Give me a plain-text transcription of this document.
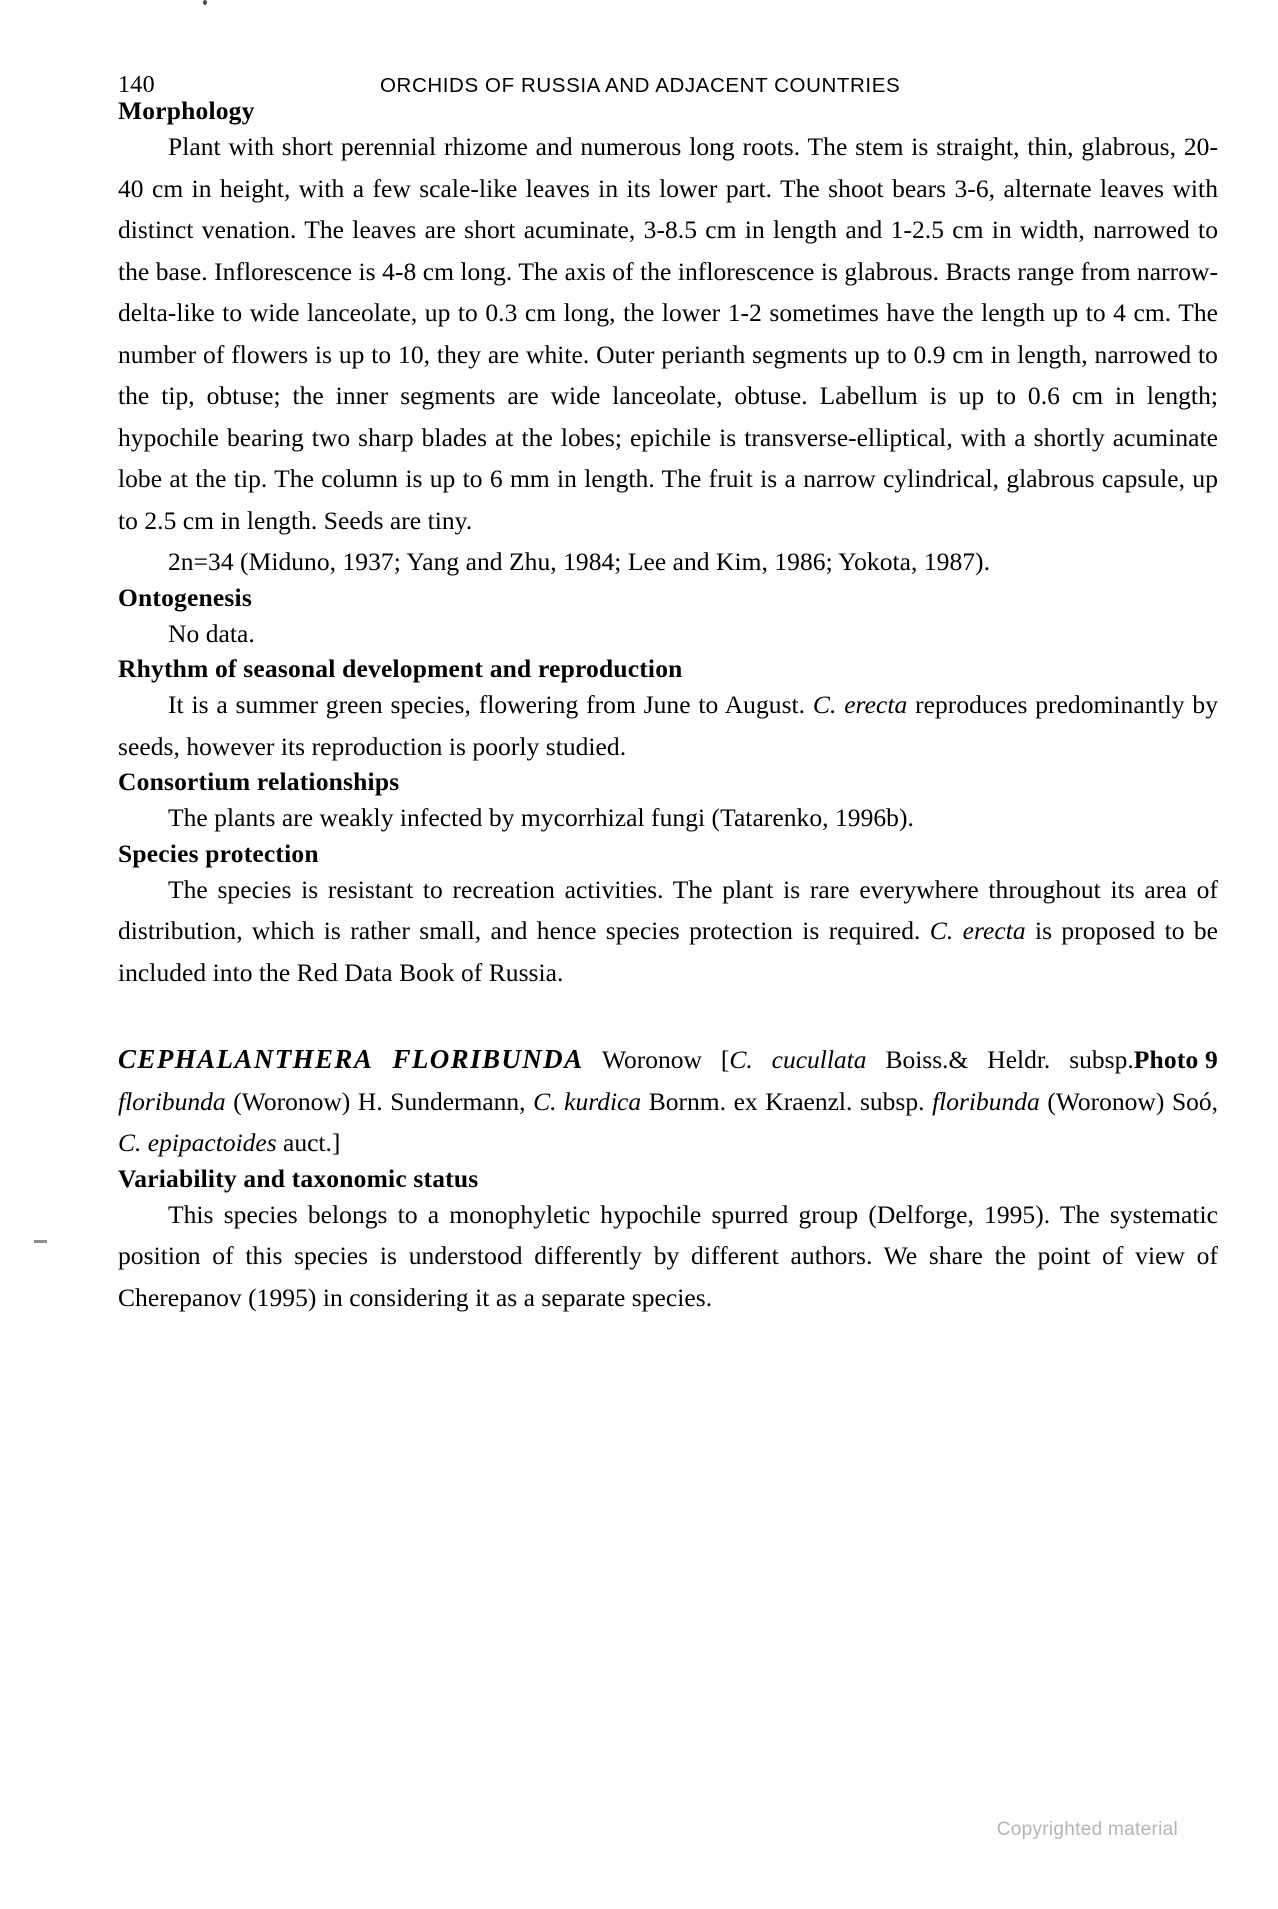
140	ORCHIDS OF RUSSIA AND ADJACENT COUNTRIES
Morphology

Plant with short perennial rhizome and numerous long roots. The stem is straight, thin, glabrous, 20-40 cm in height, with a few scale-like leaves in its lower part. The shoot bears 3-6, alternate leaves with distinct venation. The leaves are short acuminate, 3-8.5 cm in length and 1-2.5 cm in width, narrowed to the base. Inflorescence is 4-8 cm long. The axis of the inflorescence is glabrous. Bracts range from narrow-delta-like to wide lanceolate, up to 0.3 cm long, the lower 1-2 sometimes have the length up to 4 cm. The number of flowers is up to 10, they are white. Outer perianth segments up to 0.9 cm in length, narrowed to the tip, obtuse; the inner segments are wide lanceolate, obtuse. Labellum is up to 0.6 cm in length; hypochile bearing two sharp blades at the lobes; epichile is transverse-elliptical, with a shortly acuminate lobe at the tip. The column is up to 6 mm in length. The fruit is a narrow cylindrical, glabrous capsule, up to 2.5 cm in length. Seeds are tiny.

2n=34 (Miduno, 1937; Yang and Zhu, 1984; Lee and Kim, 1986; Yokota, 1987).

Ontogenesis

No data.

Rhythm of seasonal development and reproduction

It is a summer green species, flowering from June to August. C. erecta reproduces predominantly by seeds, however its reproduction is poorly studied.

Consortium relationships

The plants are weakly infected by mycorrhizal fungi (Tatarenko, 1996b).

Species protection

The species is resistant to recreation activities. The plant is rare everywhere throughout its area of distribution, which is rather small, and hence species protection is required. C. erecta is proposed to be included into the Red Data Book of Russia.

Photo 9
CEPHALANTHERA FLORIBUNDA Woronow [C. cucullata Boiss.& Heldr. subsp. floribunda (Woronow) H. Sundermann, C. kurdica Bornm. ex Kraenzl. subsp. floribunda (Woronow) Soó, C. epipactoides auct.]
Variability and taxonomic status

This species belongs to a monophyletic hypochile spurred group (Delforge, 1995). The systematic position of this species is understood differently by different authors. We share the point of view of Cherepanov (1995) in considering it as a separate species.

Copyrighted material
